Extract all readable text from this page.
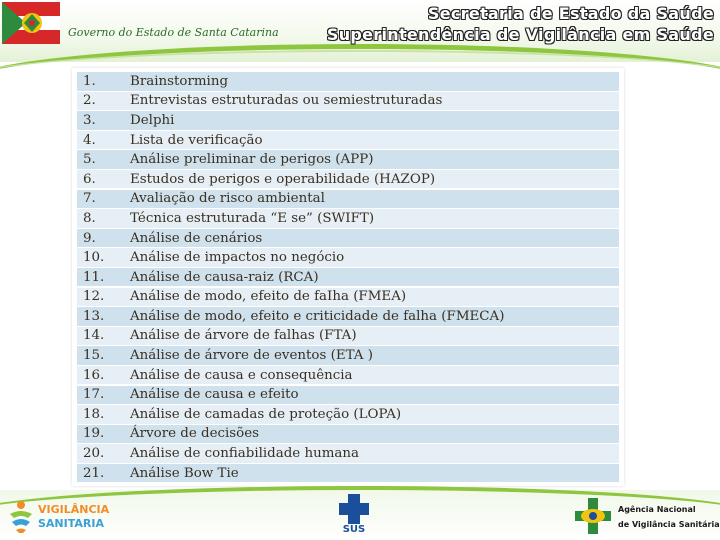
Governo do Estado de Santa Catarina
Secretaria de Estado da Saúde
Superintendência de Vigilância em Saúde
1.	Brainstorming
2.	Entrevistas estruturadas ou semiestruturadas
3.	Delphi
4.	Lista de verificação
5.	Análise preliminar de perigos (APP)
6.	Estudos de perigos e operabilidade (HAZOP)
7.	Avaliação de risco ambiental
8.	Técnica estruturada “E se” (SWIFT)
9.	Análise de cenários
10.	Análise de impactos no negócio
11.	Análise de causa-raiz (RCA)
12.	Análise de modo, efeito de faIha (FMEA)
13.	Análise de modo, efeito e criticidade de falha (FMECA)
14.	Análise de árvore de falhas (FTA)
15.	Análise de árvore de eventos (ETA )
16.	Análise de causa e consequência
17.	Análise de causa e efeito
18.	Análise de camadas de proteção (LOPA)
19.	Árvore de decisões
20.	Análise de confiabilidade humana
21.	Análise Bow Tie
VIGILÂNCIA
SANITARIA	SUS
Agência Nacional
de Vigilância Sanitária
